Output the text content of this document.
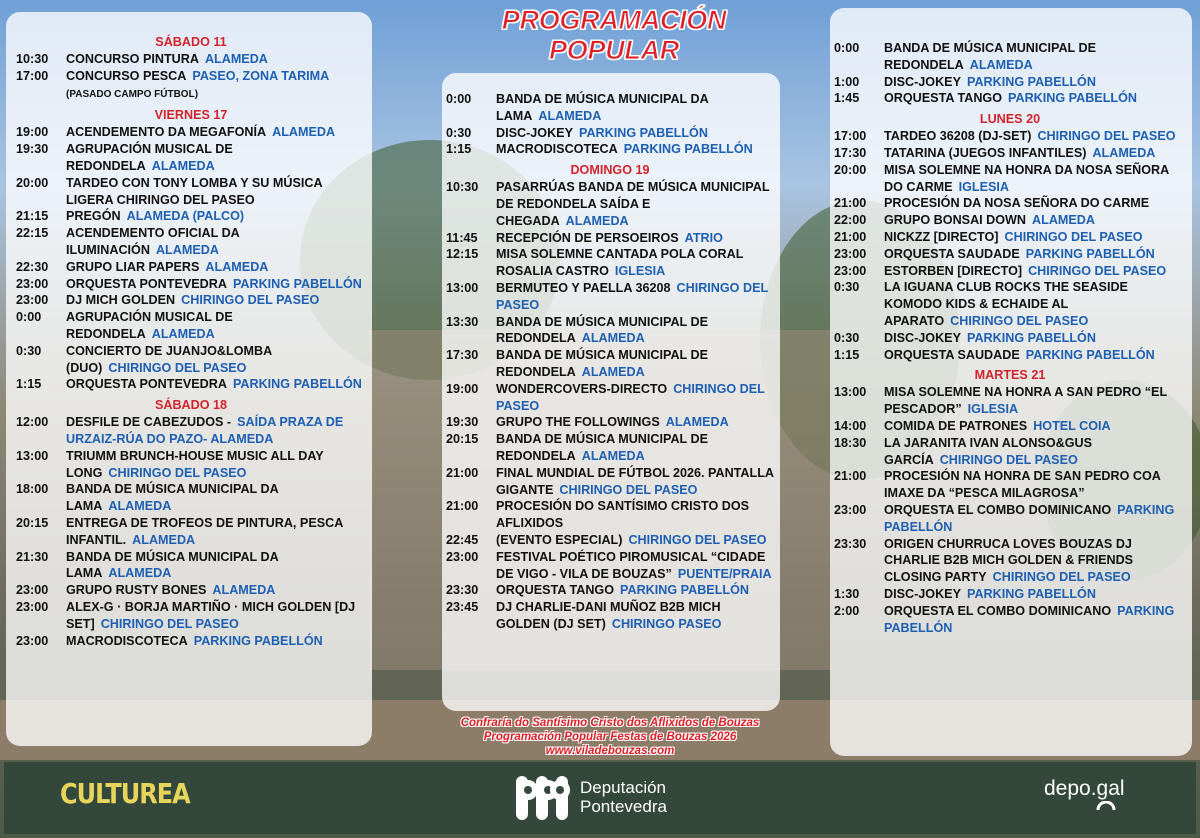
PROGRAMACIÓN
POPULAR
SÁBADO 11
10:30	CONCURSO PINTURA ALAMEDA
17:00	CONCURSO PESCA PASEO, ZONA TARIMA
(PASADO CAMPO FÚTBOL)
VIERNES 17
19:00	ACENDEMENTO DA MEGAFONÍA ALAMEDA
19:30	AGRUPACIÓN MUSICAL DE REDONDELA ALAMEDA
20:00	TARDEO CON TONY LOMBA Y SU MÚSICA LIGERA CHIRINGO DEL PASEO
21:15	PREGÓN ALAMEDA (PALCO)
22:15	ACENDEMENTO OFICIAL DA ILUMINACIÓN ALAMEDA
22:30	GRUPO LIAR PAPERS ALAMEDA
23:00	ORQUESTA PONTEVEDRA PARKING PABELLÓN
23:00	DJ MICH GOLDEN CHIRINGO DEL PASEO
0:00	AGRUPACIÓN MUSICAL DE REDONDELA ALAMEDA
0:30	CONCIERTO DE JUANJO&LOMBA (DUO) CHIRINGO DEL PASEO
1:15	ORQUESTA PONTEVEDRA PARKING PABELLÓN
SÁBADO 18
12:00	DESFILE DE CABEZUDOS - SAÍDA PRAZA DE URZAIZ-RÚA DO PAZO- ALAMEDA
13:00	TRIUMM BRUNCH-HOUSE MUSIC ALL DAY LONG CHIRINGO DEL PASEO
18:00	BANDA DE MÚSICA MUNICIPAL DA LAMA ALAMEDA
20:15	ENTREGA DE TROFEOS DE PINTURA, PESCA INFANTIL. ALAMEDA
21:30	BANDA DE MÚSICA MUNICIPAL DA LAMA ALAMEDA
23:00	GRUPO RUSTY BONES ALAMEDA
23:00	ALEX-G · BORJA MARTIÑO · MICH GOLDEN [DJ SET] CHIRINGO DEL PASEO
23:00	MACRODISCOTECA PARKING PABELLÓN
0:00	BANDA DE MÚSICA MUNICIPAL DA LAMA ALAMEDA
0:30	DISC-JOKEY PARKING PABELLÓN
1:15	MACRODISCOTECA PARKING PABELLÓN
DOMINGO 19
10:30	PASARRÚAS BANDA DE MÚSICA MUNICIPAL DE REDONDELA SAÍDA E CHEGADA ALAMEDA
11:45	RECEPCIÓN DE PERSOEIROS ATRIO
12:15	MISA SOLEMNE CANTADA POLA CORAL ROSALIA CASTRO IGLESIA
13:00	BERMUTEO Y PAELLA 36208 CHIRINGO DEL PASEO
13:30	BANDA DE MÚSICA MUNICIPAL DE REDONDELA ALAMEDA
17:30	BANDA DE MÚSICA MUNICIPAL DE REDONDELA ALAMEDA
19:00	WONDERCOVERS-DIRECTO CHIRINGO DEL PASEO
19:30	GRUPO THE FOLLOWINGS ALAMEDA
20:15	BANDA DE MÚSICA MUNICIPAL DE REDONDELA ALAMEDA
21:00	FINAL MUNDIAL DE FÚTBOL 2026. PANTALLA GIGANTE CHIRINGO DEL PASEO
21:00	PROCESIÓN DO SANTÍSIMO CRISTO DOS AFLIXIDOS
22:45	(EVENTO ESPECIAL) CHIRINGO DEL PASEO
23:00	FESTIVAL POÉTICO PIROMUSICAL “CIDADE DE VIGO - VILA DE BOUZAS” PUENTE/PRAIA
23:30	ORQUESTA TANGO PARKING PABELLÓN
23:45	DJ CHARLIE-DANI MUÑOZ B2B MICH GOLDEN (DJ SET) CHIRINGO PASEO
0:00	BANDA DE MÚSICA MUNICIPAL DE REDONDELA ALAMEDA
1:00	DISC-JOKEY PARKING PABELLÓN
1:45	ORQUESTA TANGO PARKING PABELLÓN
LUNES 20
17:00	TARDEO 36208 (DJ-SET) CHIRINGO DEL PASEO
17:30	TATARINA (JUEGOS INFANTILES) ALAMEDA
20:00	MISA SOLEMNE NA HONRA DA NOSA SEÑORA DO CARME IGLESIA
21:00	PROCESIÓN DA NOSA SEÑORA DO CARME
22:00	GRUPO BONSAI DOWN ALAMEDA
21:00	NICKZZ [DIRECTO] CHIRINGO DEL PASEO
23:00	ORQUESTA SAUDADE PARKING PABELLÓN
23:00	ESTORBEN [DIRECTO] CHIRINGO DEL PASEO
0:30	LA IGUANA CLUB ROCKS THE SEASIDE KOMODO KIDS & ECHAIDE AL APARATO CHIRINGO DEL PASEO
0:30	DISC-JOKEY PARKING PABELLÓN
1:15	ORQUESTA SAUDADE PARKING PABELLÓN
MARTES 21
13:00	MISA SOLEMNE NA HONRA A SAN PEDRO “EL PESCADOR” IGLESIA
14:00	COMIDA DE PATRONES HOTEL COIA
18:30	LA JARANITA IVAN ALONSO&GUS GARCÍA CHIRINGO DEL PASEO
21:00	PROCESIÓN NA HONRA DE SAN PEDRO COA IMAXE DA “PESCA MILAGROSA”
23:00	ORQUESTA EL COMBO DOMINICANO PARKING PABELLÓN
23:30	ORIGEN CHURRUCA LOVES BOUZAS DJ CHARLIE B2B MICH GOLDEN & FRIENDS CLOSING PARTY CHIRINGO DEL PASEO
1:30	DISC-JOKEY PARKING PABELLÓN
2:00	ORQUESTA EL COMBO DOMINICANO PARKING PABELLÓN
Confraría do Santísimo Cristo dos Aflixidos de Bouzas
Programación Popular Festas de Bouzas 2026
www.viladebouzas.com
CULTUREA	Deputación
Pontevedra
depo.gal
